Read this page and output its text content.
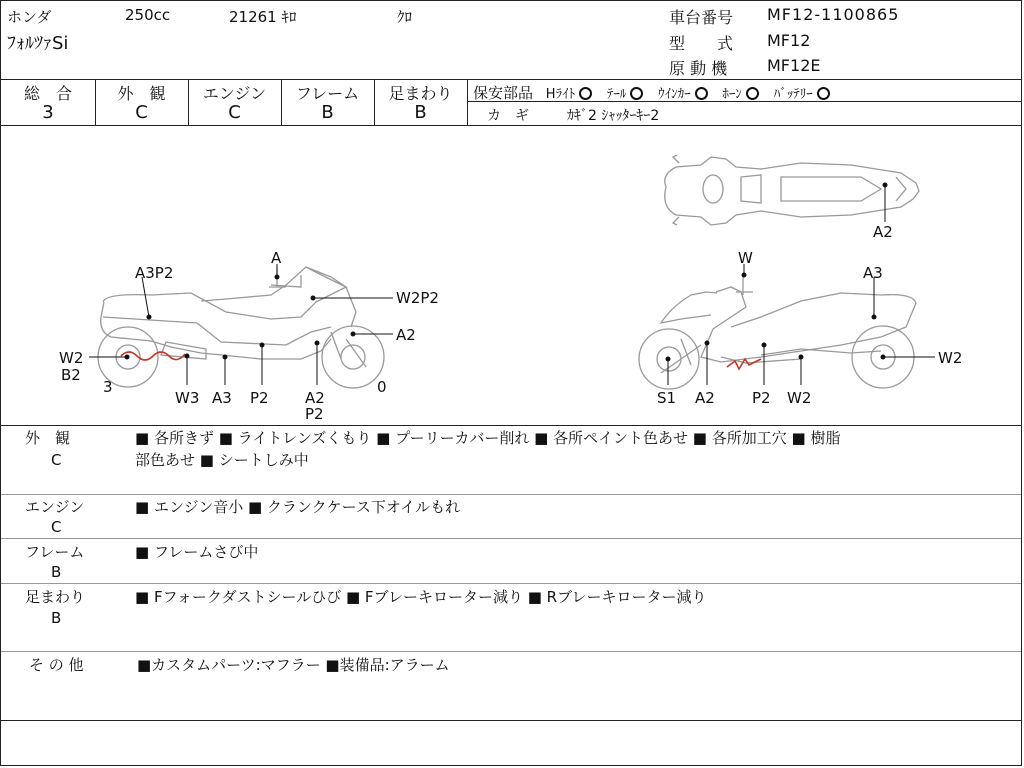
ホンダ	250cc	21261 ｷﾛ	ｸﾛ
ﾌｫﾙﾂｧSi
車台番号 MF12-1100865
型　　式 MF12
原 動 機 MF12E
総　合
3
外　観
C
エンジン
C
フレーム
B
足まわり
B
保安部品 Hﾗｲﾄ ﾃｰﾙ ｳｲﾝｶｰ ﾎｰﾝ ﾊﾞｯﾃﾘｰ
カ　ギ	ｶｷﾞ2 ｼｬｯﾀｰｷｰ2
A3P2
A
W2P2
A2
W2
B2
3	0
W3 A3 P2 A2
P2
A2
W
A3
W2
S1 A2 P2 W2
外　観
C
■ 各所きず ■ ライトレンズくもり ■ プーリーカバー削れ ■ 各所ペイント色あせ ■ 各所加工穴 ■ 樹脂
部色あせ ■ シートしみ中
エンジン
C
■ エンジン音小 ■ クランクケース下オイルもれ
フレーム
B
■ フレームさび中
足まわり
B
■ Fフォークダストシールひび ■ Fブレーキローター減り ■ Rブレーキローター減り
そ の 他	■カスタムパーツ:マフラー ■装備品:アラーム
